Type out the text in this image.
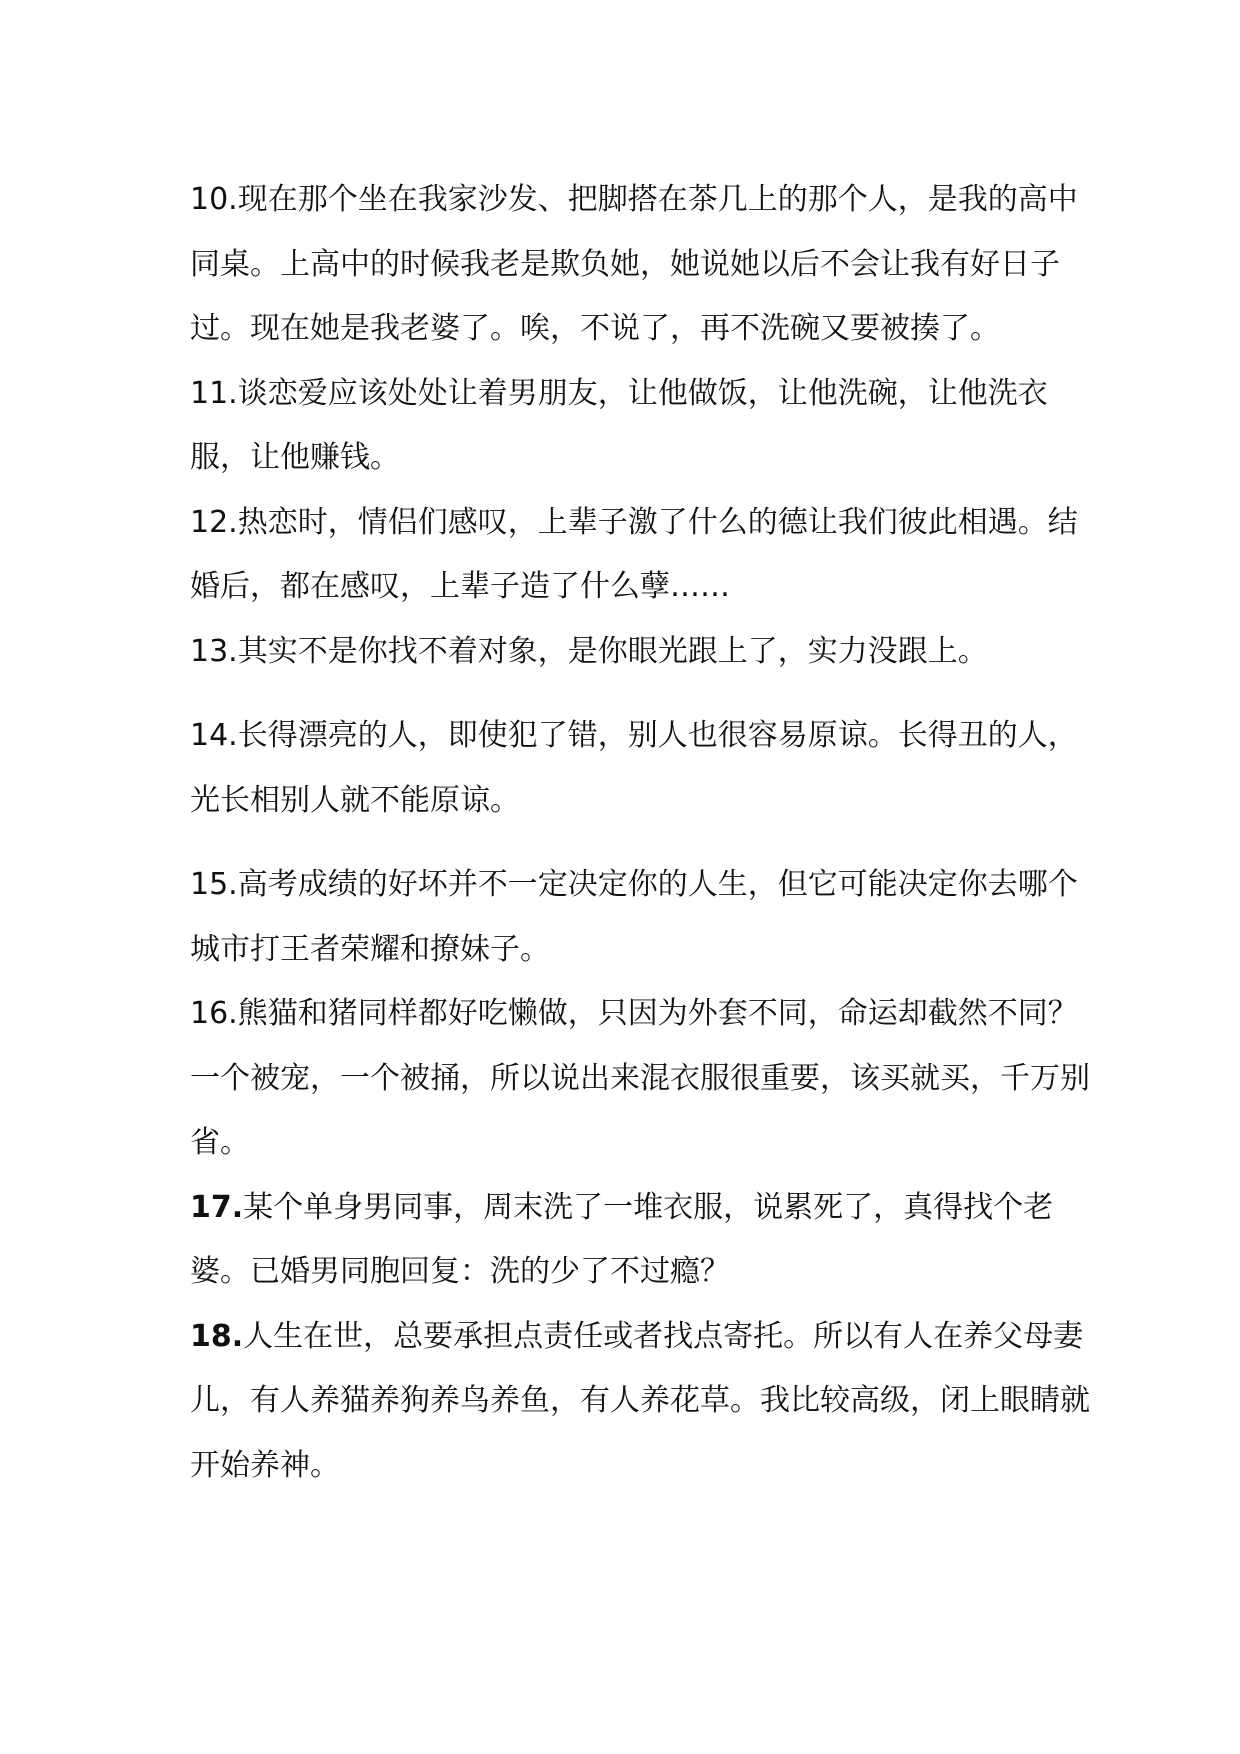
10.现在那个坐在我家沙发、把脚搭在茶几上的那个人，是我的高中同桌。上高中的时候我老是欺负她，她说她以后不会让我有好日子过。现在她是我老婆了。唉，不说了，再不洗碗又要被揍了。

11.谈恋爱应该处处让着男朋友，让他做饭，让他洗碗，让他洗衣服，让他赚钱。

12.热恋时，情侣们感叹，上辈子激了什么的德让我们彼此相遇。结婚后，都在感叹，上辈子造了什么孽……

13.其实不是你找不着对象，是你眼光跟上了，实力没跟上。

14.长得漂亮的人，即使犯了错，别人也很容易原谅。长得丑的人，光长相别人就不能原谅。

15.高考成绩的好坏并不一定决定你的人生，但它可能决定你去哪个城市打王者荣耀和撩妹子。

16.熊猫和猪同样都好吃懒做，只因为外套不同，命运却截然不同？一个被宠，一个被捅，所以说出来混衣服很重要，该买就买，千万别省。

17.某个单身男同事，周末洗了一堆衣服，说累死了，真得找个老婆。已婚男同胞回复：洗的少了不过瘾？

18.人生在世，总要承担点责任或者找点寄托。所以有人在养父母妻儿，有人养猫养狗养鸟养鱼，有人养花草。我比较高级，闭上眼睛就开始养神。
